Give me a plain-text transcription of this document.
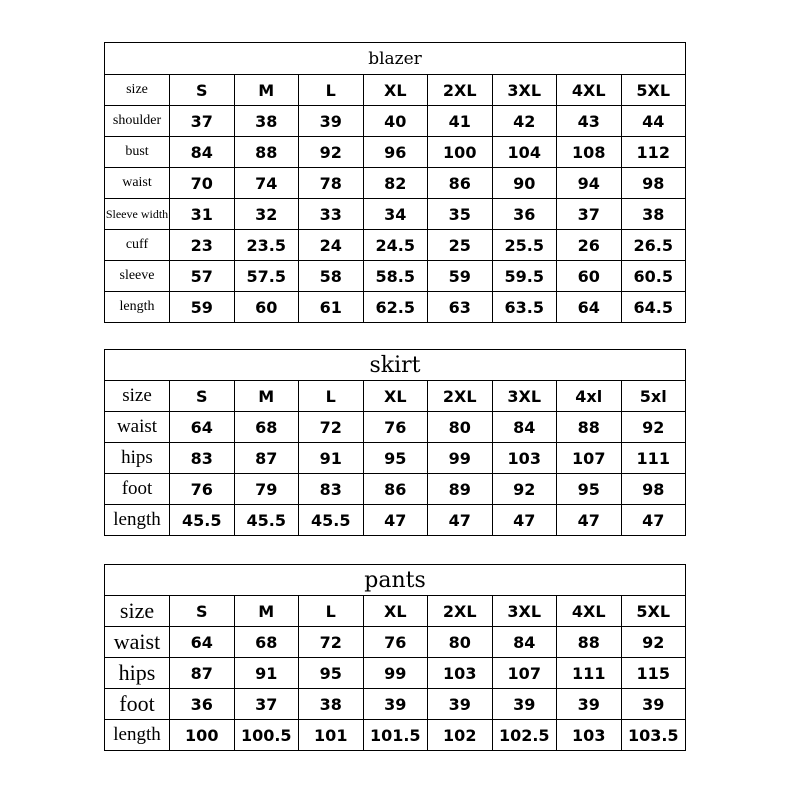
blazer								
size	S	M	L	XL	2XL	3XL	4XL	5XL
shoulder	37	38	39	40	41	42	43	44
bust	84	88	92	96	100	104	108	112
waist	70	74	78	82	86	90	94	98
Sleeve width	31	32	33	34	35	36	37	38
cuff	23	23.5	24	24.5	25	25.5	26	26.5
sleeve	57	57.5	58	58.5	59	59.5	60	60.5
length	59	60	61	62.5	63	63.5	64	64.5
skirt								
size	S	M	L	XL	2XL	3XL	4xl	5xl
waist	64	68	72	76	80	84	88	92
hips	83	87	91	95	99	103	107	111
foot	76	79	83	86	89	92	95	98
length	45.5	45.5	45.5	47	47	47	47	47
pants								
size	S	M	L	XL	2XL	3XL	4XL	5XL
waist	64	68	72	76	80	84	88	92
hips	87	91	95	99	103	107	111	115
foot	36	37	38	39	39	39	39	39
length	100	100.5	101	101.5	102	102.5	103	103.5
